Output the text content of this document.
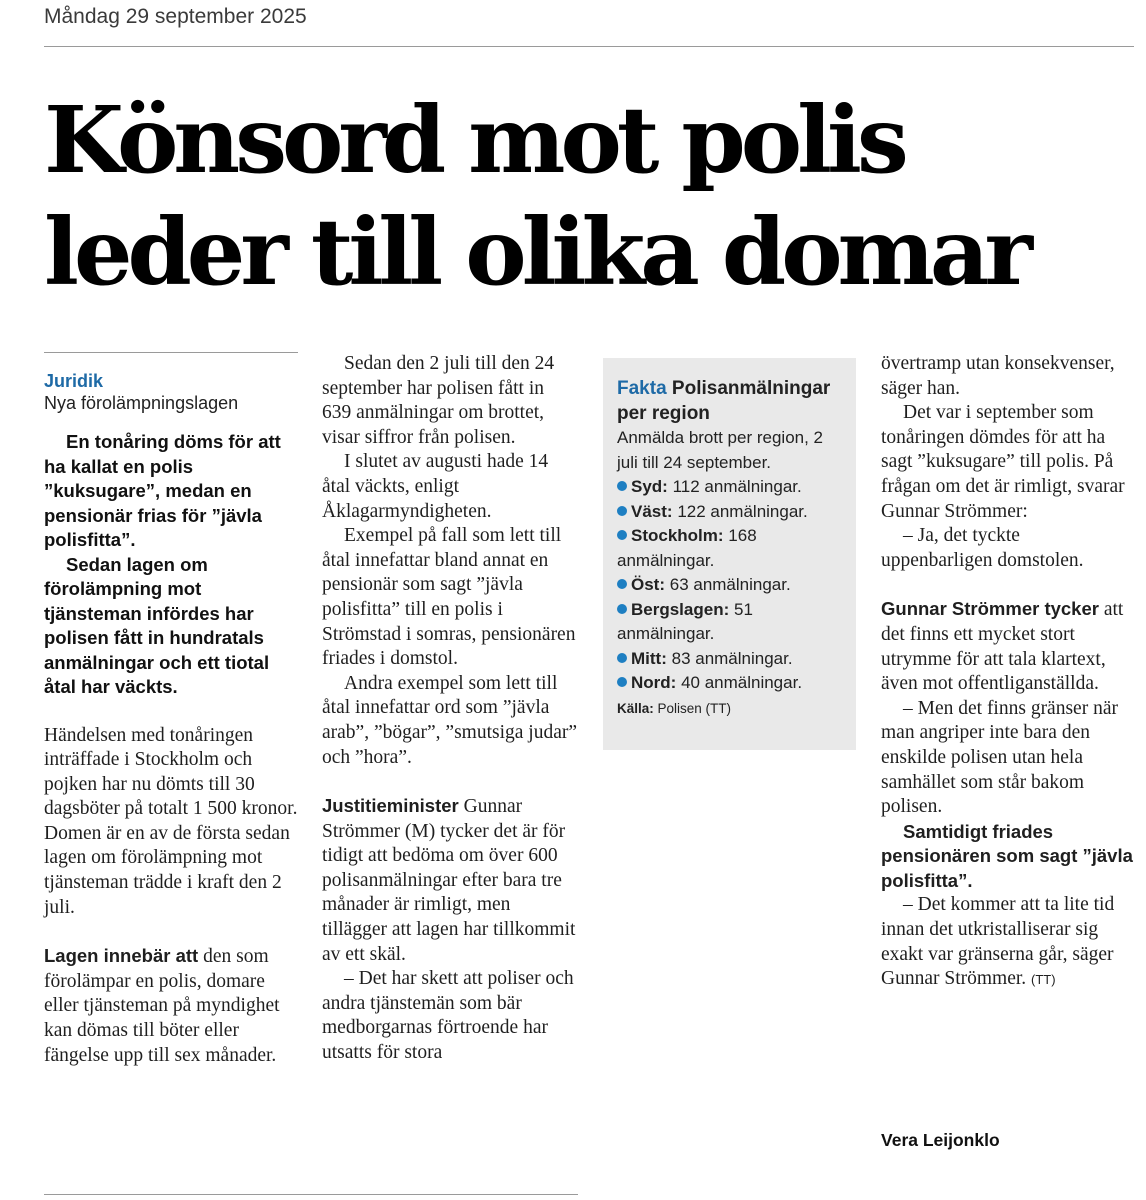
Måndag 29 september 2025
Könsord mot polis
leder till olika domar
Juridik
Nya förolämpningslagen

En tonåring döms för att ha kallat en polis ”kuksugare”, medan en pensionär frias för ”jävla polisfitta”.

Sedan lagen om förolämpning mot tjänsteman infördes har polisen fått in hundratals anmälningar och ett tiotal åtal har väckts.

Händelsen med tonåringen inträffade i Stockholm och pojken har nu dömts till 30 dagsböter på totalt 1 500 kronor. Domen är en av de första sedan lagen om förolämpning mot tjänsteman trädde i kraft den 2 juli.

Lagen innebär att den som förolämpar en polis, domare eller tjänsteman på myndighet kan dömas till böter eller fängelse upp till sex månader.

Sedan den 2 juli till den 24 september har polisen fått in 639 anmälningar om brottet, visar siffror från polisen.

I slutet av augusti hade 14 åtal väckts, enligt Åklagarmyndigheten.

Exempel på fall som lett till åtal innefattar bland annat en pensionär som sagt ”jävla polisfitta” till en polis i Strömstad i somras, pensionären friades i domstol.

Andra exempel som lett till åtal innefattar ord som ”jävla arab”, ”bögar”, ”smutsiga judar” och ”hora”.

Justitieminister Gunnar Strömmer (M) tycker det är för tidigt att bedöma om över 600 polisanmälningar efter bara tre månader är rimligt, men tillägger att lagen har tillkommit av ett skäl.

– Det har skett att poliser och andra tjänstemän som bär medborgarnas förtroende har utsatts för stora

Fakta Polisanmälningar per region
Anmälda brott per region, 2 juli till 24 september.
Syd: 112 anmälningar.
Väst: 122 anmälningar.
Stockholm: 168 anmälningar.
Öst: 63 anmälningar.
Bergslagen: 51 anmälningar.
Mitt: 83 anmälningar.
Nord: 40 anmälningar.
Källa: Polisen (TT)

övertramp utan konsekvenser, säger han.

Det var i september som tonåringen dömdes för att ha sagt ”kuksugare” till polis. På frågan om det är rimligt, svarar Gunnar Strömmer:

– Ja, det tyckte uppenbarligen domstolen.

Gunnar Strömmer tycker att det finns ett mycket stort utrymme för att tala klartext, även mot offentliganställda.

– Men det finns gränser när man angriper inte bara den enskilde polisen utan hela samhället som står bakom polisen.

Samtidigt friades pensionären som sagt ”jävla polisfitta”.

– Det kommer att ta lite tid innan det utkristalliserar sig exakt var gränserna går, säger Gunnar Strömmer. (TT)

Vera Leijonklo
